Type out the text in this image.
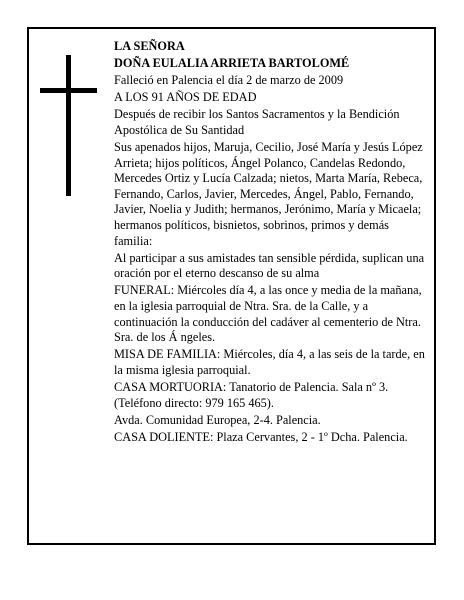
LA SEÑORA

DOÑA EULALIA ARRIETA BARTOLOMÉ

Falleció en Palencia el día 2 de marzo de 2009

A LOS 91 AÑOS DE EDAD

Después de recibir los Santos Sacramentos y la Bendición Apostólica de Su Santidad

Sus apenados hijos, Maruja, Cecilio, José María y Jesús López Arrieta; hijos políticos, Ángel Polanco, Candelas Redondo, Mercedes Ortiz y Lucía Calzada; nietos, Marta María, Rebeca, Fernando, Carlos, Javier, Mercedes, Ángel, Pablo, Fernando, Javier, Noelia y Judith; hermanos, Jerónimo, María y Micaela; hermanos políticos, bisnietos, sobrinos, primos y demás familia:

Al participar a sus amistades tan sensible pérdida, suplican una oración por el eterno descanso de su alma

FUNERAL: Miércoles día 4, a las once y media de la mañana, en la iglesia parroquial de Ntra. Sra. de la Calle, y a continuación la conducción del cadáver al cementerio de Ntra. Sra. de los Á ngeles.

MISA DE FAMILIA: Miércoles, día 4, a las seis de la tarde, en la misma iglesia parroquial.

CASA MORTUORIA: Tanatorio de Palencia. Sala nº 3. (Teléfono directo: 979 165 465).

Avda. Comunidad Europea, 2-4. Palencia.

CASA DOLIENTE: Plaza Cervantes, 2 - 1º Dcha. Palencia.
